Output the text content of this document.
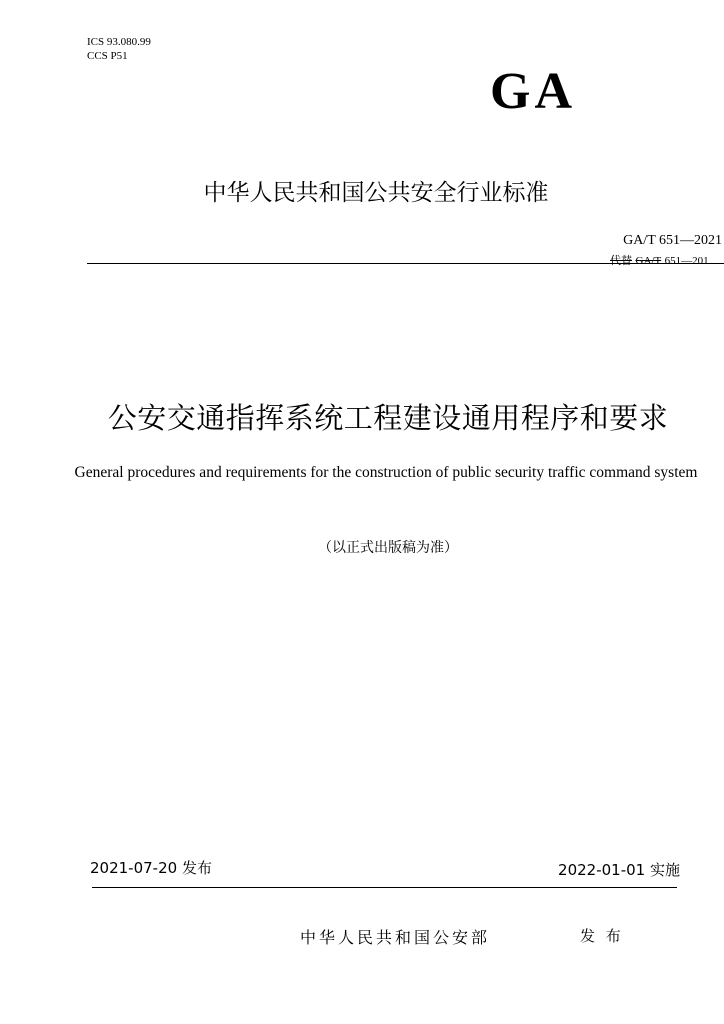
ICS 93.080.99
CCS P51
GA
中华人民共和国公共安全行业标准
GA/T 651—2021
代替 GA/T 651—201
公安交通指挥系统工程建设通用程序和要求
General procedures and requirements for the construction of public security traffic command system
（以正式出版稿为准）
2021-07-20 发布	2022-01-01 实施
中华人民共和国公安部	发 布
